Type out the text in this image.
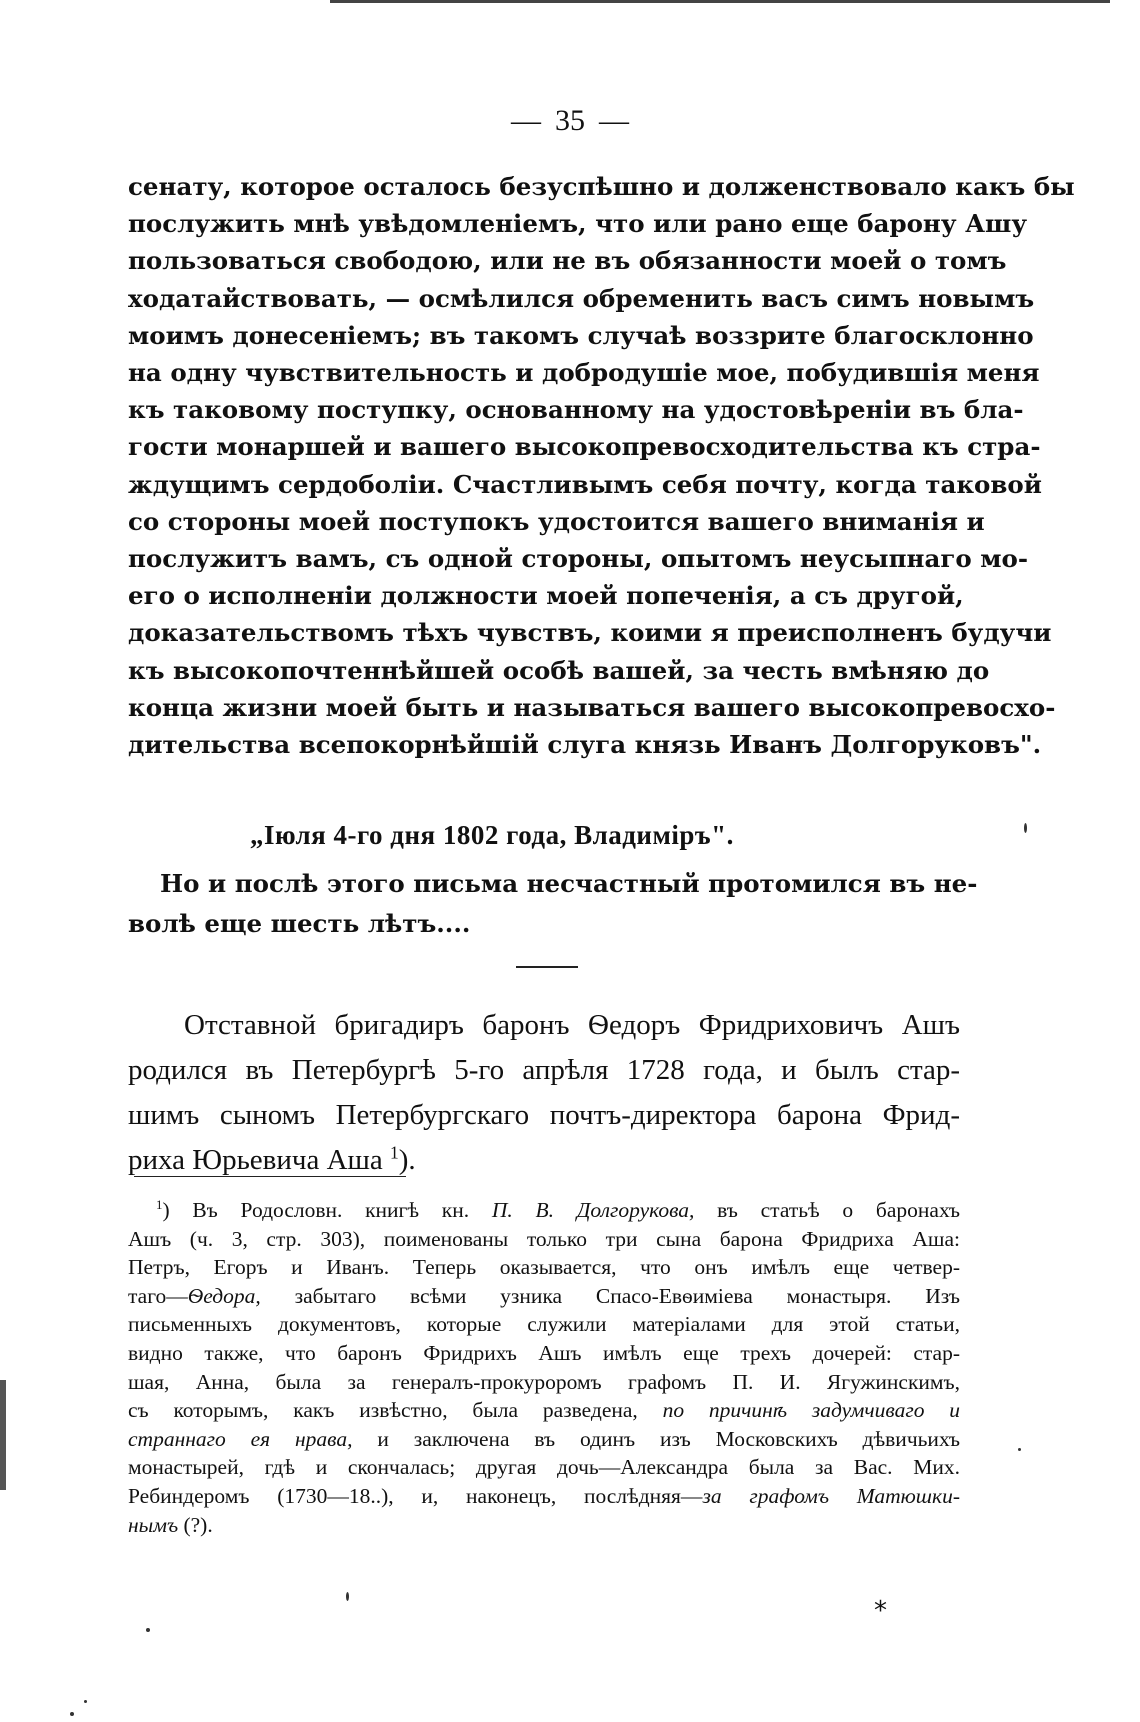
— 35 —
сенату, которое осталось безуспѣшно и долженствовало какъ бы
послужить мнѣ увѣдомленіемъ, что или рано еще барону Ашу
пользоваться свободою, или не въ обязанности моей о томъ
ходатайствовать, — осмѣлился обременить васъ симъ новымъ
моимъ донесеніемъ; въ такомъ случаѣ воззрите благосклонно
на одну чувствительность и добродушіе мое, побудившія меня
къ таковому поступку, основанному на удостовѣреніи въ бла-
гости монаршей и вашего высокопревосходительства къ стра-
ждущимъ сердоболіи. Счастливымъ себя почту, когда таковой
со стороны моей поступокъ удостоится вашего вниманія и
послужитъ вамъ, съ одной стороны, опытомъ неусыпнаго мо-
его о исполненіи должности моей попеченія, а съ другой,
доказательствомъ тѣхъ чувствъ, коими я преисполненъ будучи
къ высокопочтеннѣйшей особѣ вашей, за честь вмѣняю до
конца жизни моей быть и называться вашего высокопревосхо-
дительства всепокорнѣйшій слуга князь Иванъ Долгоруковъ".
„Іюля 4-го дня 1802 года, Владиміръ".
Но и послѣ этого письма несчастный протомился въ не-
волѣ еще шесть лѣтъ....
Отставной бригадиръ баронъ Ѳедоръ Фридриховичъ Ашъ
родился въ Петербургѣ 5-го апрѣля 1728 года, и былъ стар-
шимъ сыномъ Петербургскаго почтъ-директора барона Фрид-
риха Юрьевича Аша $^1$).
$^1$) Въ Родословн. книгѣ кн. П. В. Долгорукова, въ статьѣ о баронахъ
Ашъ (ч. 3, стр. 303), поименованы только три сына барона Фридриха Аша:
Петръ, Егоръ и Иванъ. Теперь оказывается, что онъ имѣлъ еще четвер-
таго—Ѳедора, забытаго всѣми узника Спасо-Евѳиміева монастыря. Изъ
письменныхъ документовъ, которые служили матеріалами для этой статьи,
видно также, что баронъ Фридрихъ Ашъ имѣлъ еще трехъ дочерей: стар-
шая, Анна, была за генералъ-прокуроромъ графомъ П. И. Ягужинскимъ,
съ которымъ, какъ извѣстно, была разведена, по причинѣ задумчиваго и
страннаго ея нрава, и заключена въ одинъ изъ Московскихъ дѣвичьихъ
монастырей, гдѣ и скончалась; другая дочь—Александра была за Вас. Мих.
Ребиндеромъ (1730—18..), и, наконецъ, послѣдняя—за графомъ Матюшки-
нымъ (?).
*
